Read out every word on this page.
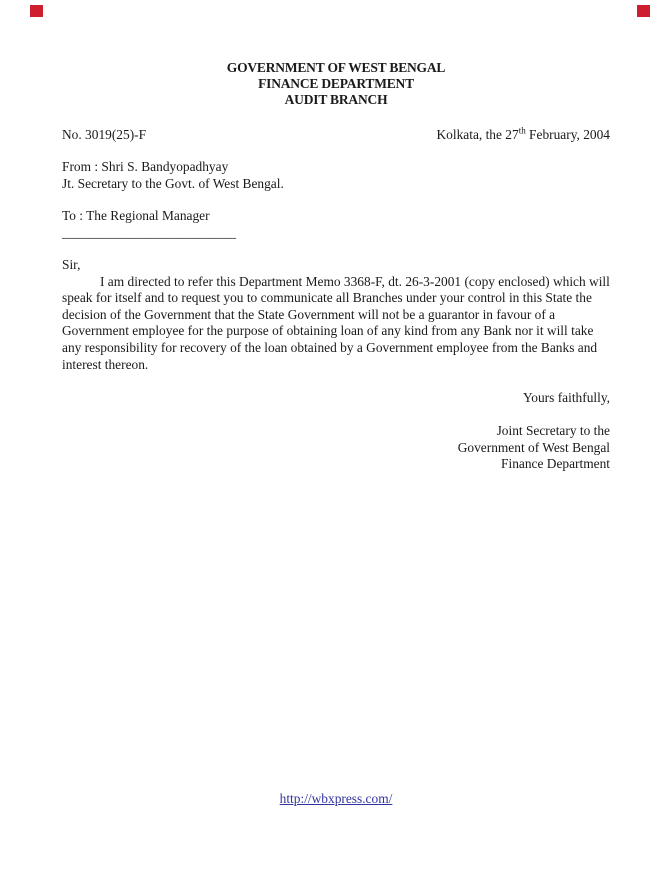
GOVERNMENT OF WEST BENGAL
FINANCE DEPARTMENT
AUDIT BRANCH
No. 3019(25)-F	Kolkata, the 27th February, 2004
From : Shri S. Bandyopadhyay
Jt. Secretary to the Govt. of West Bengal.
To : The Regional Manager
__________________________

Sir,

I am directed to refer this Department Memo 3368-F, dt. 26-3-2001 (copy enclosed) which will speak for itself and to request you to communicate all Branches under your control in this State the decision of the Government that the State Government will not be a guarantor in favour of a Government employee for the purpose of obtaining loan of any kind from any Bank nor it will take any responsibility for recovery of the loan obtained by a Government employee from the Banks and interest thereon.

Yours faithfully,
Joint Secretary to the
Government of West Bengal
Finance Department
http://wbxpress.com/
